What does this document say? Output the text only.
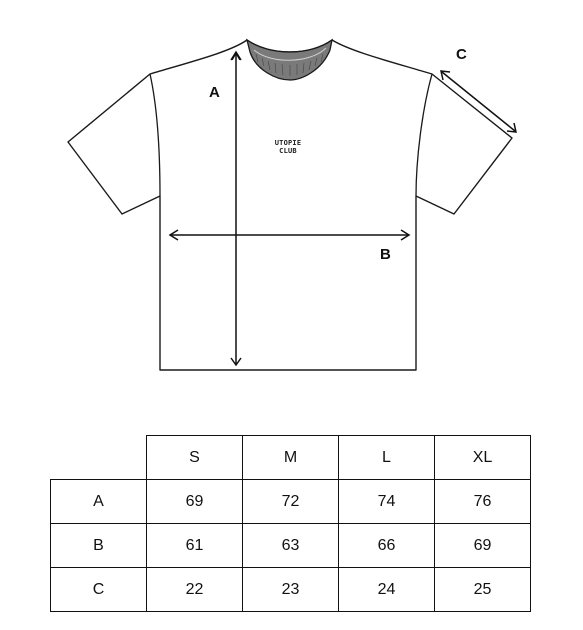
A
B
C
UTOPIE
CLUB
	S	M	L	XL
A	69	72	74	76
B	61	63	66	69
C	22	23	24	25
